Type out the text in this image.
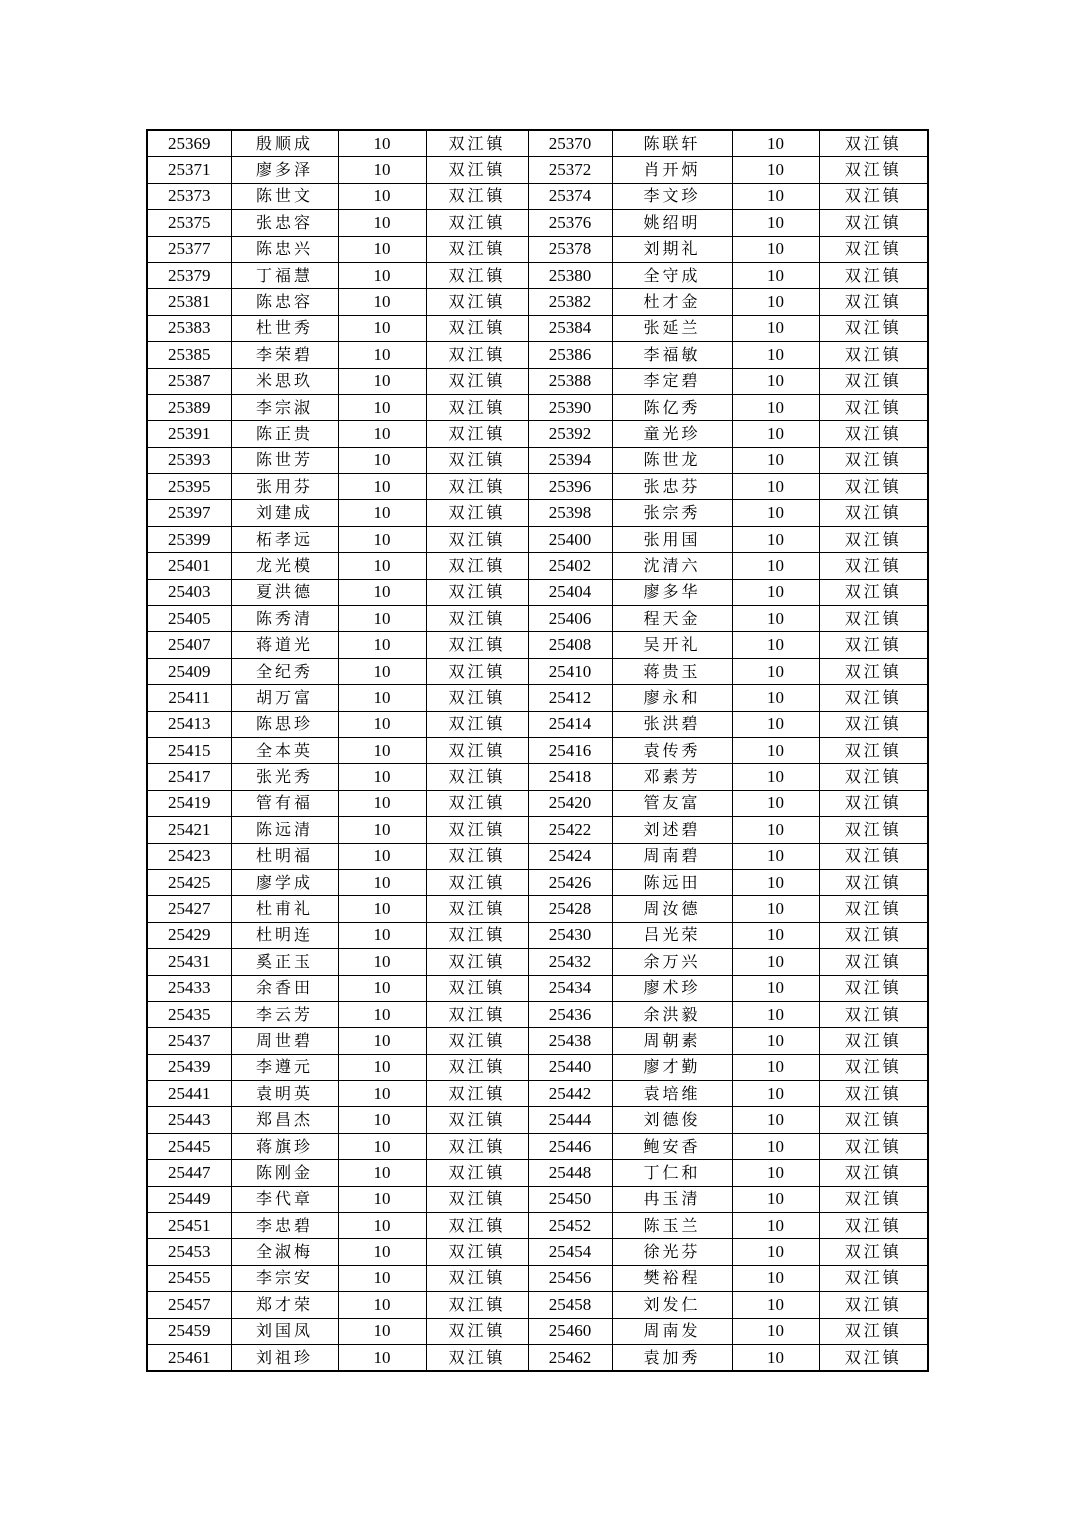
25369	殷顺成	10	双江镇	25370	陈联轩	10	双江镇
25371	廖多泽	10	双江镇	25372	肖开炳	10	双江镇
25373	陈世文	10	双江镇	25374	李文珍	10	双江镇
25375	张忠容	10	双江镇	25376	姚绍明	10	双江镇
25377	陈忠兴	10	双江镇	25378	刘期礼	10	双江镇
25379	丁福慧	10	双江镇	25380	全守成	10	双江镇
25381	陈忠容	10	双江镇	25382	杜才金	10	双江镇
25383	杜世秀	10	双江镇	25384	张延兰	10	双江镇
25385	李荣碧	10	双江镇	25386	李福敏	10	双江镇
25387	米思玖	10	双江镇	25388	李定碧	10	双江镇
25389	李宗淑	10	双江镇	25390	陈亿秀	10	双江镇
25391	陈正贵	10	双江镇	25392	童光珍	10	双江镇
25393	陈世芳	10	双江镇	25394	陈世龙	10	双江镇
25395	张用芬	10	双江镇	25396	张忠芬	10	双江镇
25397	刘建成	10	双江镇	25398	张宗秀	10	双江镇
25399	柘孝远	10	双江镇	25400	张用国	10	双江镇
25401	龙光模	10	双江镇	25402	沈清六	10	双江镇
25403	夏洪德	10	双江镇	25404	廖多华	10	双江镇
25405	陈秀清	10	双江镇	25406	程天金	10	双江镇
25407	蒋道光	10	双江镇	25408	吴开礼	10	双江镇
25409	全纪秀	10	双江镇	25410	蒋贵玉	10	双江镇
25411	胡万富	10	双江镇	25412	廖永和	10	双江镇
25413	陈思珍	10	双江镇	25414	张洪碧	10	双江镇
25415	全本英	10	双江镇	25416	袁传秀	10	双江镇
25417	张光秀	10	双江镇	25418	邓素芳	10	双江镇
25419	管有福	10	双江镇	25420	管友富	10	双江镇
25421	陈远清	10	双江镇	25422	刘述碧	10	双江镇
25423	杜明福	10	双江镇	25424	周南碧	10	双江镇
25425	廖学成	10	双江镇	25426	陈远田	10	双江镇
25427	杜甫礼	10	双江镇	25428	周汝德	10	双江镇
25429	杜明连	10	双江镇	25430	吕光荣	10	双江镇
25431	奚正玉	10	双江镇	25432	余万兴	10	双江镇
25433	余香田	10	双江镇	25434	廖术珍	10	双江镇
25435	李云芳	10	双江镇	25436	余洪毅	10	双江镇
25437	周世碧	10	双江镇	25438	周朝素	10	双江镇
25439	李遵元	10	双江镇	25440	廖才勤	10	双江镇
25441	袁明英	10	双江镇	25442	袁培维	10	双江镇
25443	郑昌杰	10	双江镇	25444	刘德俊	10	双江镇
25445	蒋旗珍	10	双江镇	25446	鲍安香	10	双江镇
25447	陈刚金	10	双江镇	25448	丁仁和	10	双江镇
25449	李代章	10	双江镇	25450	冉玉清	10	双江镇
25451	李忠碧	10	双江镇	25452	陈玉兰	10	双江镇
25453	全淑梅	10	双江镇	25454	徐光芬	10	双江镇
25455	李宗安	10	双江镇	25456	樊裕程	10	双江镇
25457	郑才荣	10	双江镇	25458	刘发仁	10	双江镇
25459	刘国凤	10	双江镇	25460	周南发	10	双江镇
25461	刘祖珍	10	双江镇	25462	袁加秀	10	双江镇
